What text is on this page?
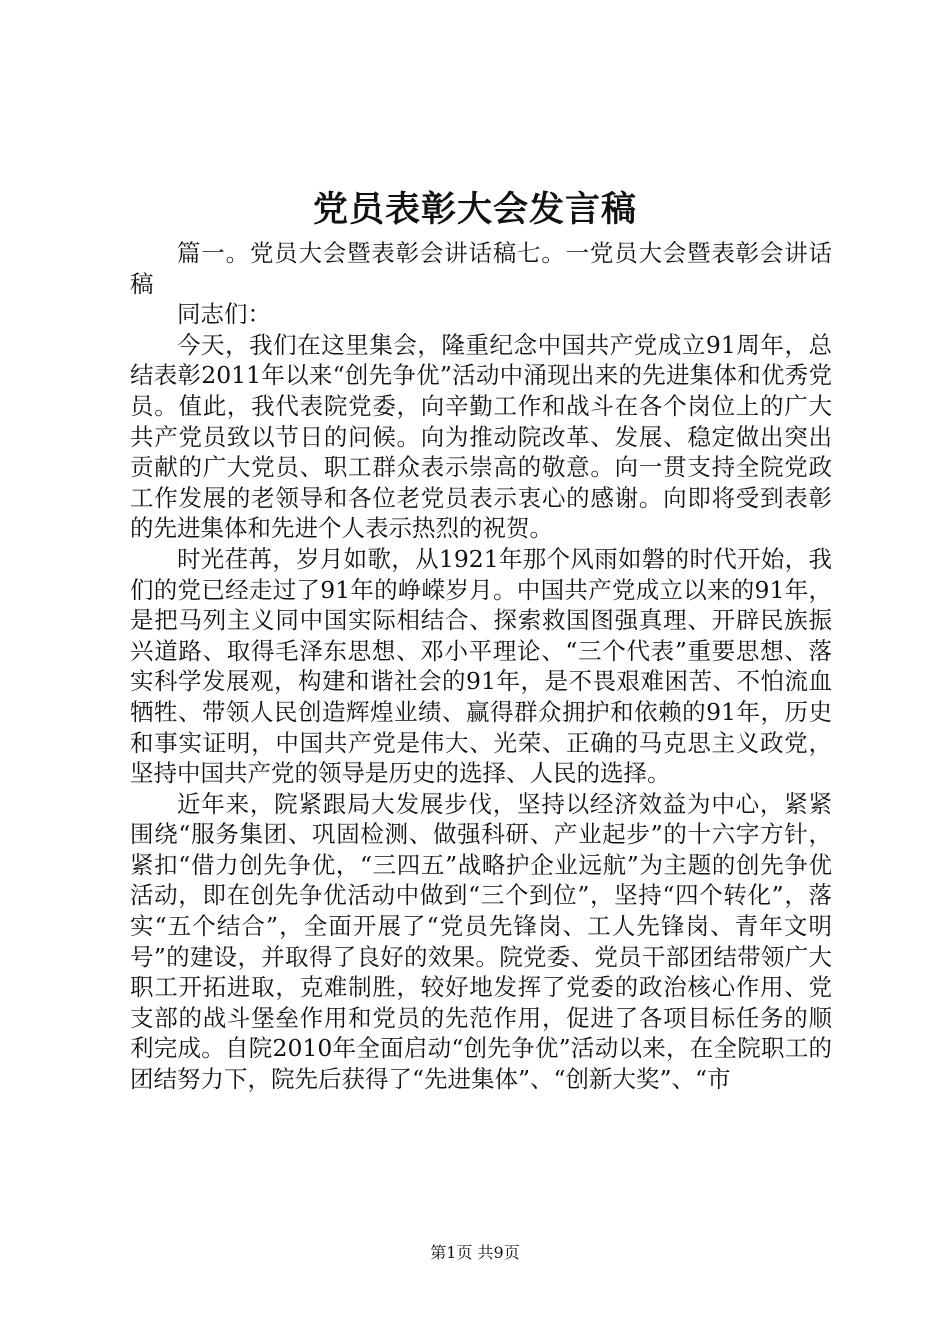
党员表彰大会发言稿

篇一。党员大会暨表彰会讲话稿七。一党员大会暨表彰会讲话稿

同志们：

今天，我们在这里集会，隆重纪念中国共产党成立91周年，总结表彰2011年以来“创先争优”活动中涌现出来的先进集体和优秀党员。值此，我代表院党委，向辛勤工作和战斗在各个岗位上的广大共产党员致以节日的问候。向为推动院改革、发展、稳定做出突出贡献的广大党员、职工群众表示崇高的敬意。向一贯支持全院党政工作发展的老领导和各位老党员表示衷心的感谢。向即将受到表彰的先进集体和先进个人表示热烈的祝贺。

时光荏苒，岁月如歌，从1921年那个风雨如磐的时代开始，我们的党已经走过了91年的峥嵘岁月。中国共产党成立以来的91年，是把马列主义同中国实际相结合、探索救国图强真理、开辟民族振兴道路、取得毛泽东思想、邓小平理论、“三个代表”重要思想、落实科学发展观，构建和谐社会的91年，是不畏艰难困苦、不怕流血牺牲、带领人民创造辉煌业绩、赢得群众拥护和依赖的91年，历史和事实证明，中国共产党是伟大、光荣、正确的马克思主义政党，坚持中国共产党的领导是历史的选择、人民的选择。

近年来，院紧跟局大发展步伐，坚持以经济效益为中心，紧紧围绕“服务集团、巩固检测、做强科研、产业起步”的十六字方针，紧扣“借力创先争优，“三四五”战略护企业远航”为主题的创先争优活动，即在创先争优活动中做到“三个到位”，坚持“四个转化”，落实“五个结合”，全面开展了“党员先锋岗、工人先锋岗、青年文明号”的建设，并取得了良好的效果。院党委、党员干部团结带领广大职工开拓进取，克难制胜，较好地发挥了党委的政治核心作用、党支部的战斗堡垒作用和党员的先范作用，促进了各项目标任务的顺利完成。自院2010年全面启动“创先争优”活动以来，在全院职工的团结努力下，院先后获得了“先进集体”、“创新大奖”、“市

第1页 共9页
